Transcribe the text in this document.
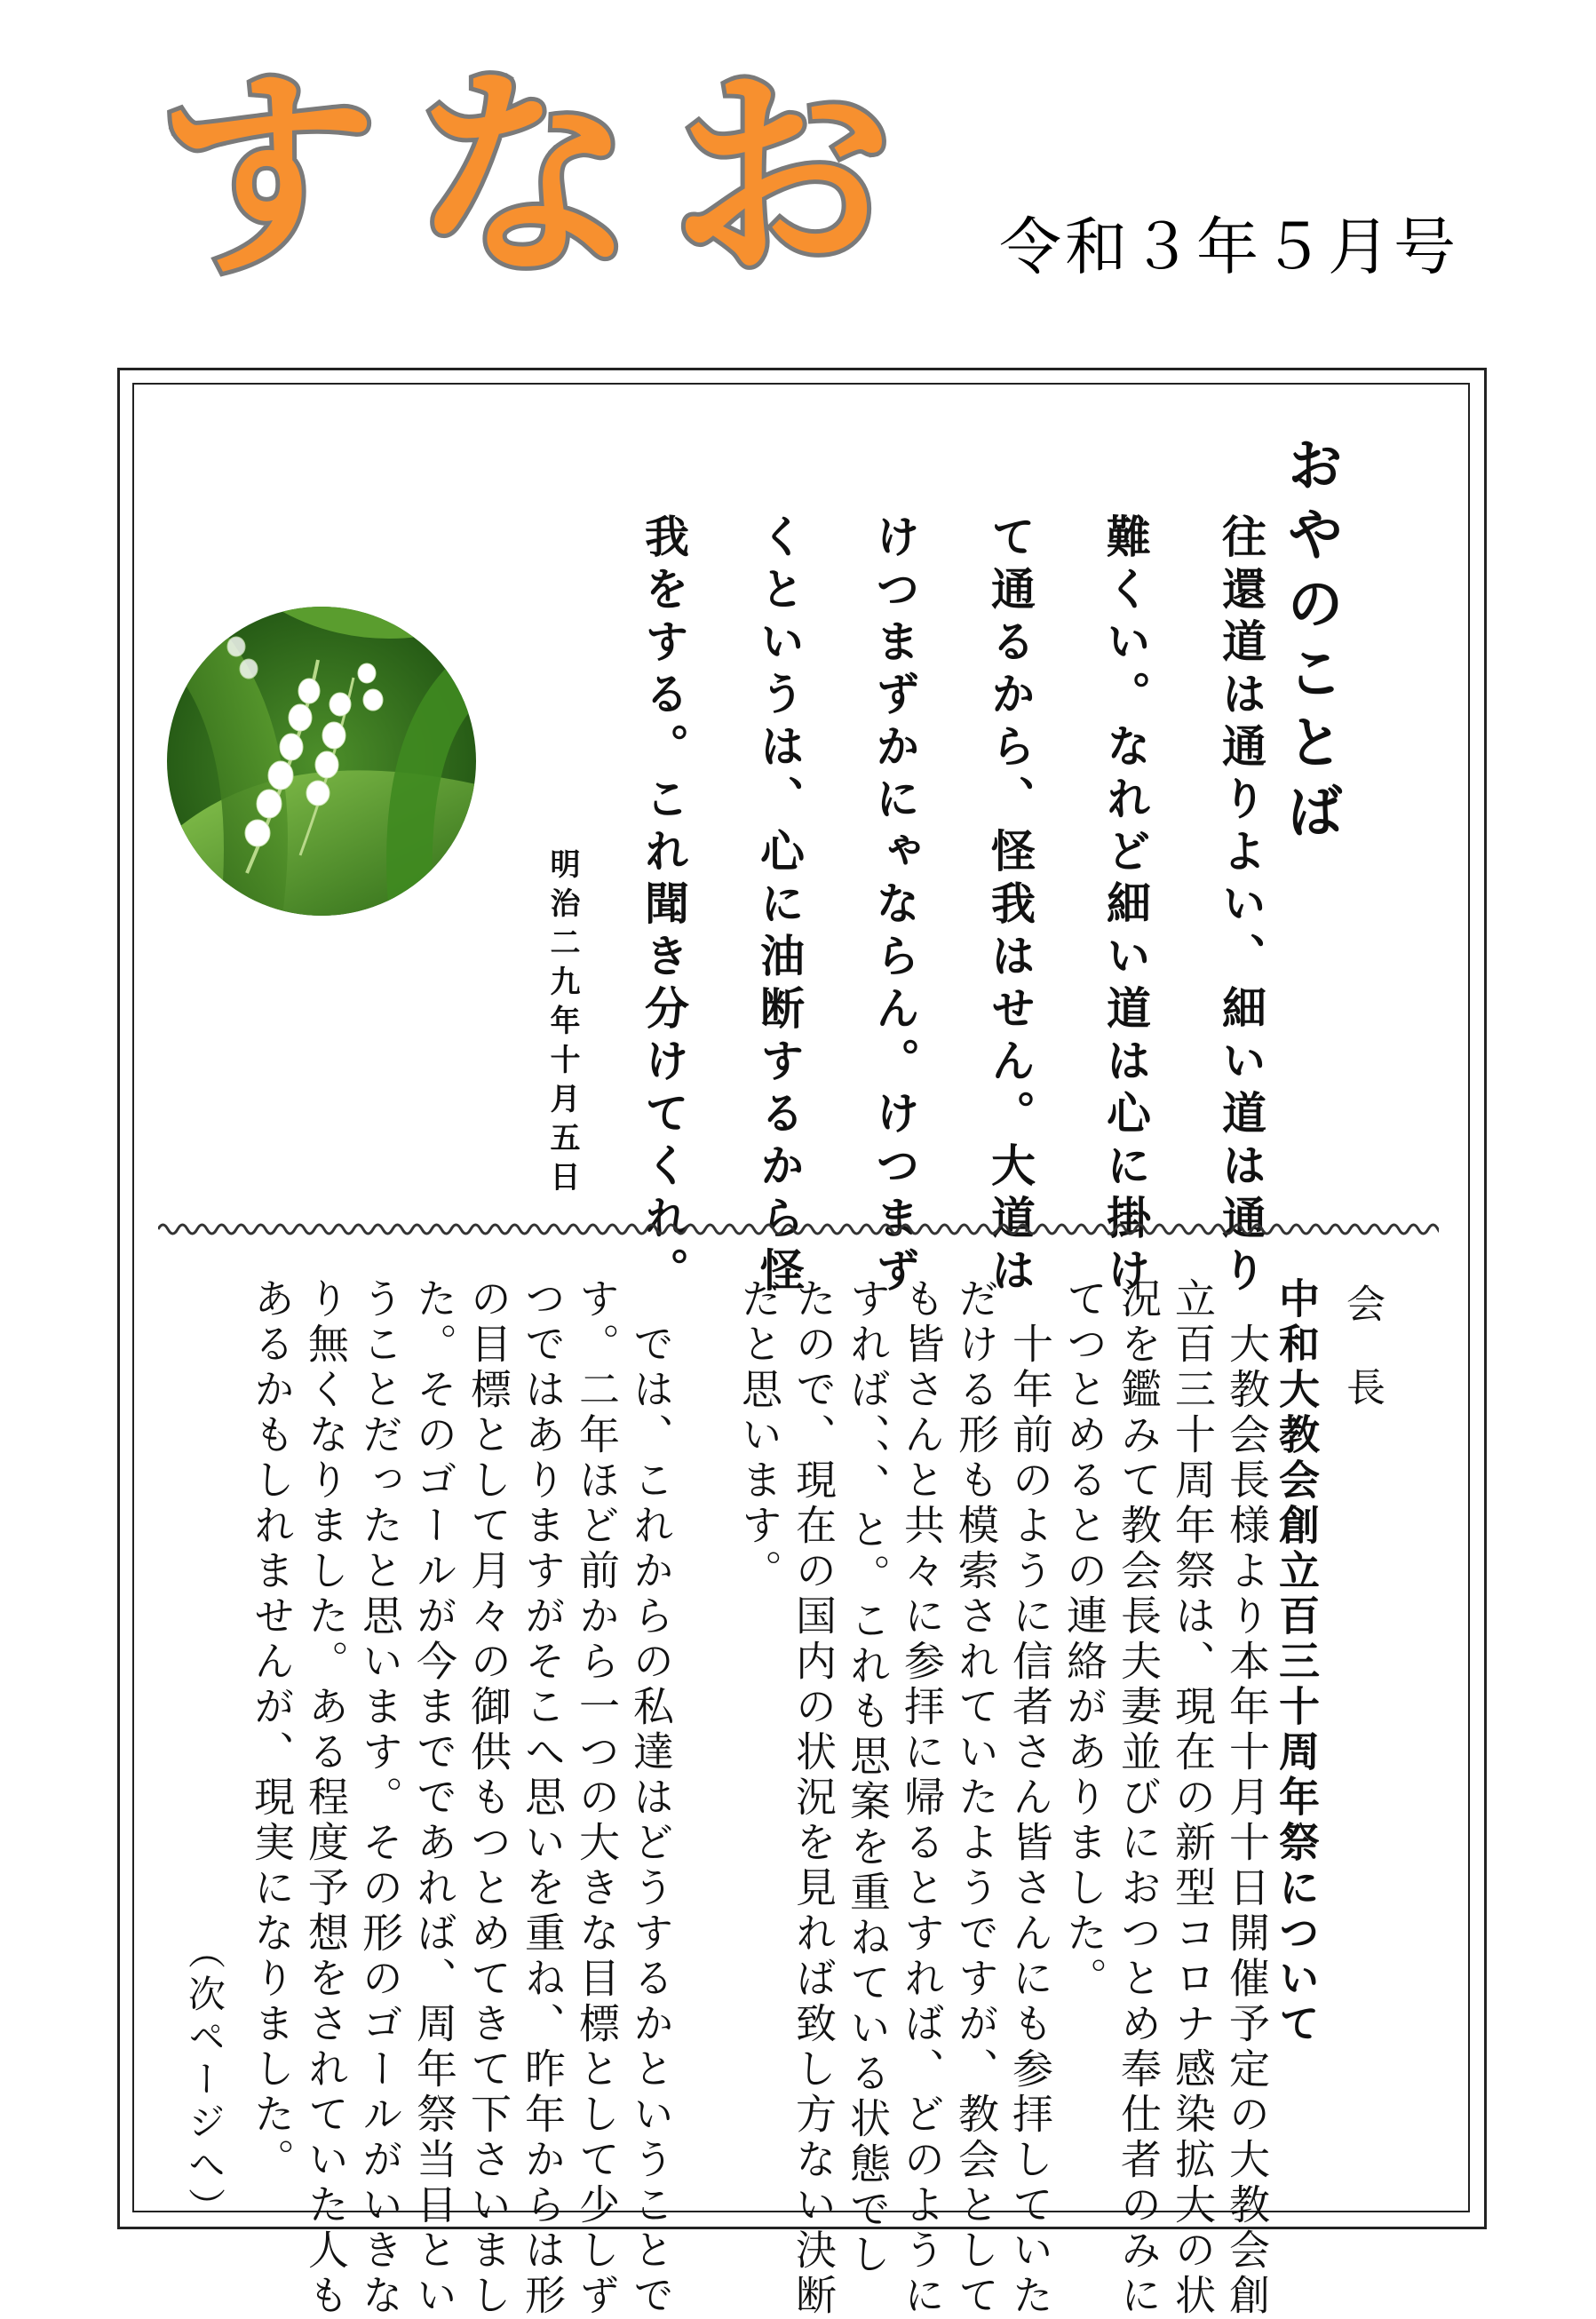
すなお 令和３年５月号
おやのことば
往還道は通りよい、細い道は通り
難くい。なれど細い道は心に掛け
て通るから、怪我はせん。大道は
けつまずかにゃならん。けつまず
くというは、心に油断するから怪
我をする。これ聞き分けてくれ。
明治二九年十月五日
会長
中和大教会創立百三十周年祭について
　大教会長様より本年十月十日開催予定の大教会創
立百三十周年祭は、現在の新型コロナ感染拡大の状
況を鑑みて教会長夫妻並びにおつとめ奉仕者のみに
てつとめるとの連絡がありました。
　十年前のように信者さん皆さんにも参拝していた
だける形も模索されていたようですが、教会として
も皆さんと共々に参拝に帰るとすれば、どのように
すれば、、、と。これも思案を重ねている状態でし
たので、現在の国内の状況を見れば致し方ない決断
だと思います。
　では、これからの私達はどうするかということで
す。二年ほど前から一つの大きな目標として少しず
つではありますがそこへ思いを重ね、昨年からは形
の目標として月々の御供もつとめてきて下さいまし
た。そのゴールが今までであれば、周年祭当日とい
うことだったと思います。その形のゴールがいきな
り無くなりました。ある程度予想をされていた人も
あるかもしれませんが、現実になりました。
（次ページへ）
